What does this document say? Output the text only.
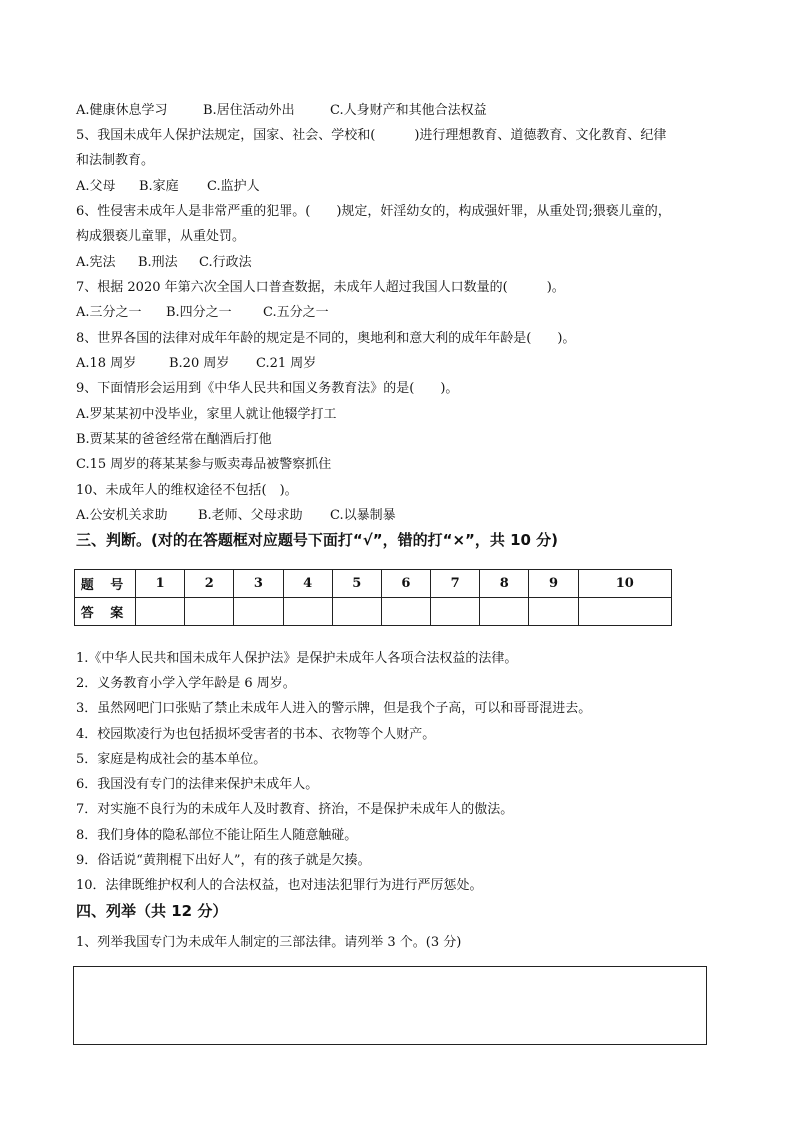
A.健康休息学习	B.居住活动外出	C.人身财产和其他合法权益
5、我国未成年人保护法规定，国家、社会、学校和(　　　)进行理想教育、道德教育、文化教育、纪律
和法制教育。
A.父母 B.家庭 C.监护人
6、性侵害未成年人是非常严重的犯罪。(　　)规定，奸淫幼女的，构成强奸罪，从重处罚;猥亵儿童的，
构成猥亵儿童罪，从重处罚。
A.宪法 B.刑法 C.行政法
7、根据 2020 年第六次全国人口普查数据，未成年人超过我国人口数量的(　　　)。
A.三分之一 B.四分之一 C.五分之一
8、世界各国的法律对成年年龄的规定是不同的，奥地利和意大利的成年年龄是(　　)。
A.18 周岁	B.20 周岁 C.21 周岁
9、下面情形会运用到《中华人民共和国义务教育法》的是(　　)。
A.罗某某初中没毕业，家里人就让他辍学打工
B.贾某某的爸爸经常在酗酒后打他
C.15 周岁的蒋某某参与贩卖毒品被警察抓住
10、未成年人的维权途径不包括(　)。
A.公安机关求助 B.老师、父母求助 C.以暴制暴
三、判断。(对的在答题框对应题号下面打“√”，错的打“×”，共 10 分)
题 号	1	2	3	4	5	6	7	8	9	10
答 案										
1.《中华人民共和国未成年人保护法》是保护未成年人各项合法权益的法律。
2．义务教育小学入学年龄是 6 周岁。
3．虽然网吧门口张贴了禁止未成年人进入的警示牌，但是我个子高，可以和哥哥混进去。
4．校园欺凌行为也包括损坏受害者的书本、衣物等个人财产。
5．家庭是构成社会的基本单位。
6．我国没有专门的法律来保护未成年人。
7．对实施不良行为的未成年人及时教育、挤治，不是保护未成年人的傲法。
8．我们身体的隐私部位不能让陌生人随意触碰。
9．俗话说“黄荆棍下出好人”，有的孩子就是欠揍。
10．法律既维护权利人的合法权益，也对违法犯罪行为进行严厉惩处。
四、列举（共 12 分）
1、列举我国专门为未成年人制定的三部法律。请列举 3 个。(3 分)
